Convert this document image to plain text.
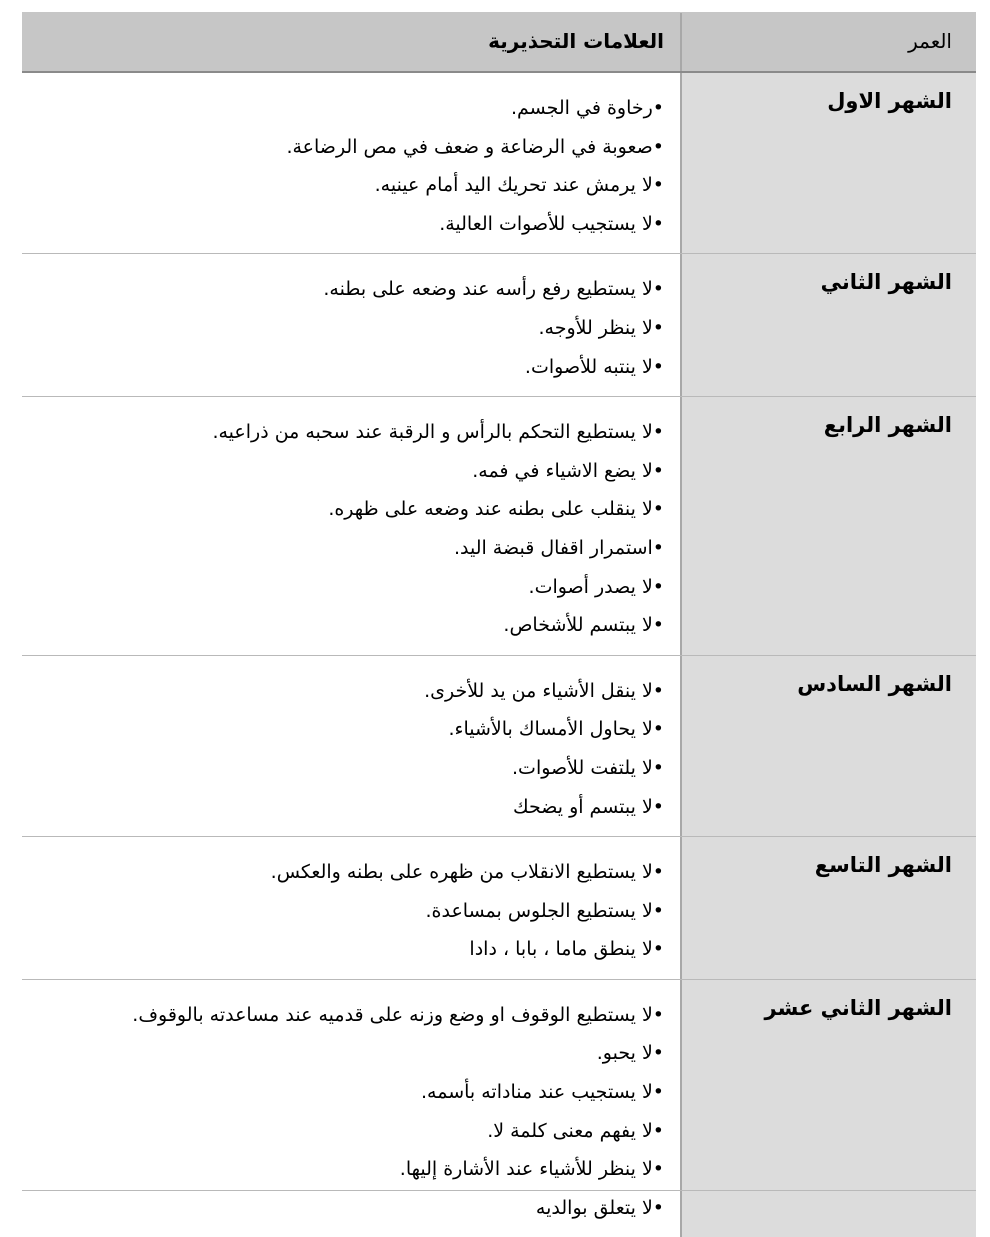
العمر
العلامات التحذيرية
الشهر الاول
•رخاوة في الجسم.
•صعوبة في الرضاعة و ضعف في مص الرضاعة.
•لا يرمش عند تحريك اليد أمام عينيه.
•لا يستجيب للأصوات العالية.
الشهر الثاني
•لا يستطيع رفع رأسه عند وضعه على بطنه.
•لا ينظر للأوجه.
•لا ينتبه للأصوات.
الشهر الرابع
•لا يستطيع التحكم بالرأس و الرقبة عند سحبه من ذراعيه.
•لا يضع الاشياء في فمه.
•لا ينقلب على بطنه عند وضعه على ظهره.
•استمرار اقفال قبضة اليد.
•لا يصدر أصوات.
•لا يبتسم للأشخاص.
الشهر السادس
•لا ينقل الأشياء من يد للأخرى.
•لا يحاول الأمساك بالأشياء.
•لا يلتفت للأصوات.
•لا يبتسم أو يضحك
الشهر التاسع
•لا يستطيع الانقلاب من ظهره على بطنه والعكس.
•لا يستطيع الجلوس بمساعدة.
•لا ينطق ماما ، بابا ، دادا
الشهر الثاني عشر
•لا يستطيع الوقوف او وضع وزنه على قدميه عند مساعدته بالوقوف.
•لا يحبو.
•لا يستجيب عند مناداته بأسمه.
•لا يفهم معنى كلمة لا.
•لا ينظر للأشياء عند الأشارة إليها.
•لا يتعلق بوالديه
